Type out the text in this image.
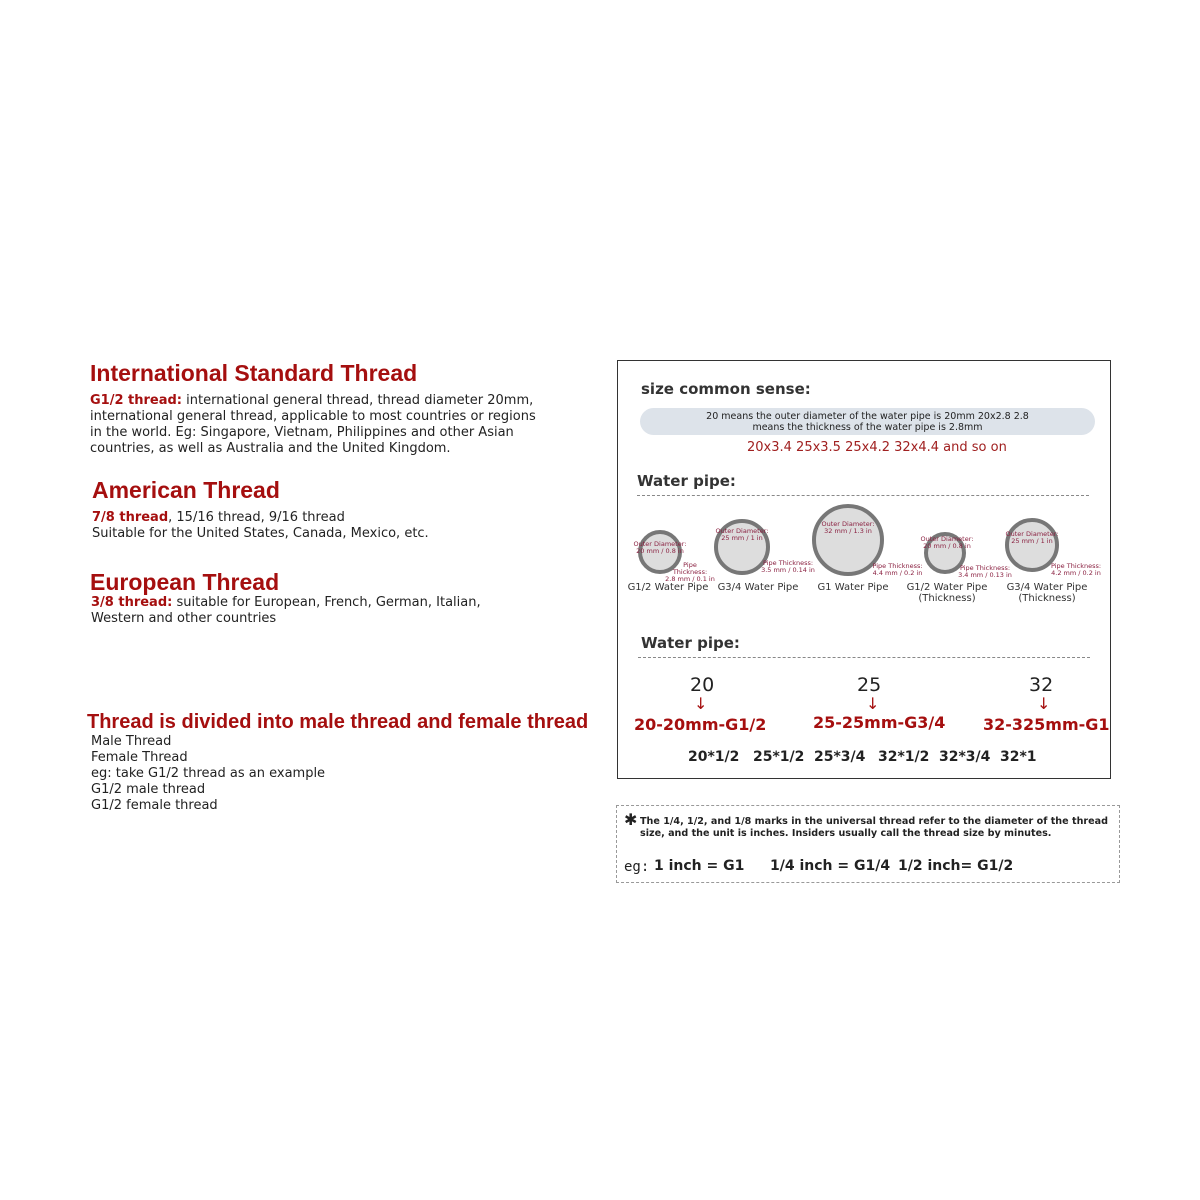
International Standard Thread
G1/2 thread: international general thread, thread diameter 20mm, international general thread, applicable to most countries or regions in the world. Eg: Singapore, Vietnam, Philippines and other Asian countries, as well as Australia and the United Kingdom.
American Thread
7/8 thread, 15/16 thread, 9/16 thread
Suitable for the United States, Canada, Mexico, etc.
European Thread
3/8 thread: suitable for European, French, German, Italian, Western and other countries
Thread is divided into male thread and female thread
Male Thread
Female Thread
eg: take G1/2 thread as an example
G1/2 male thread
G1/2 female thread
size common sense:
20 means the outer diameter of the water pipe is 20mm 20x2.8 2.8
means the thickness of the water pipe is 2.8mm
20x3.4 25x3.5 25x4.2 32x4.4 and so on
Water pipe:
Outer Diameter:
20 mm / 0.8 in
Pipe Thickness:
2.8 mm / 0.1 in
G1/2 Water Pipe
Outer Diameter:
25 mm / 1 in
Pipe Thickness:
3.5 mm / 0.14 in
G3/4 Water Pipe
Outer Diameter:
32 mm / 1.3 in
Pipe Thickness:
4.4 mm / 0.2 in
G1 Water Pipe
Outer Diameter:
20 mm / 0.8 in
Pipe Thickness:
3.4 mm / 0.13 in
G1/2 Water Pipe
(Thickness)
Outer Diameter:
25 mm / 1 in
Pipe Thickness:
4.2 mm / 0.2 in
G3/4 Water Pipe
(Thickness)
Water pipe:
20
↓
20-20mm-G1/2
25
↓
25-25mm-G3/4
32
↓
32-325mm-G1
20*1/2 25*1/2 25*3/4 32*1/2 32*3/4 32*1
✱ The 1/4, 1/2, and 1/8 marks in the universal thread refer to the diameter of the thread size, and the unit is inches. Insiders usually call the thread size by minutes.
eg: 1 inch = G1 1/4 inch = G1/4 1/2 inch= G1/2
